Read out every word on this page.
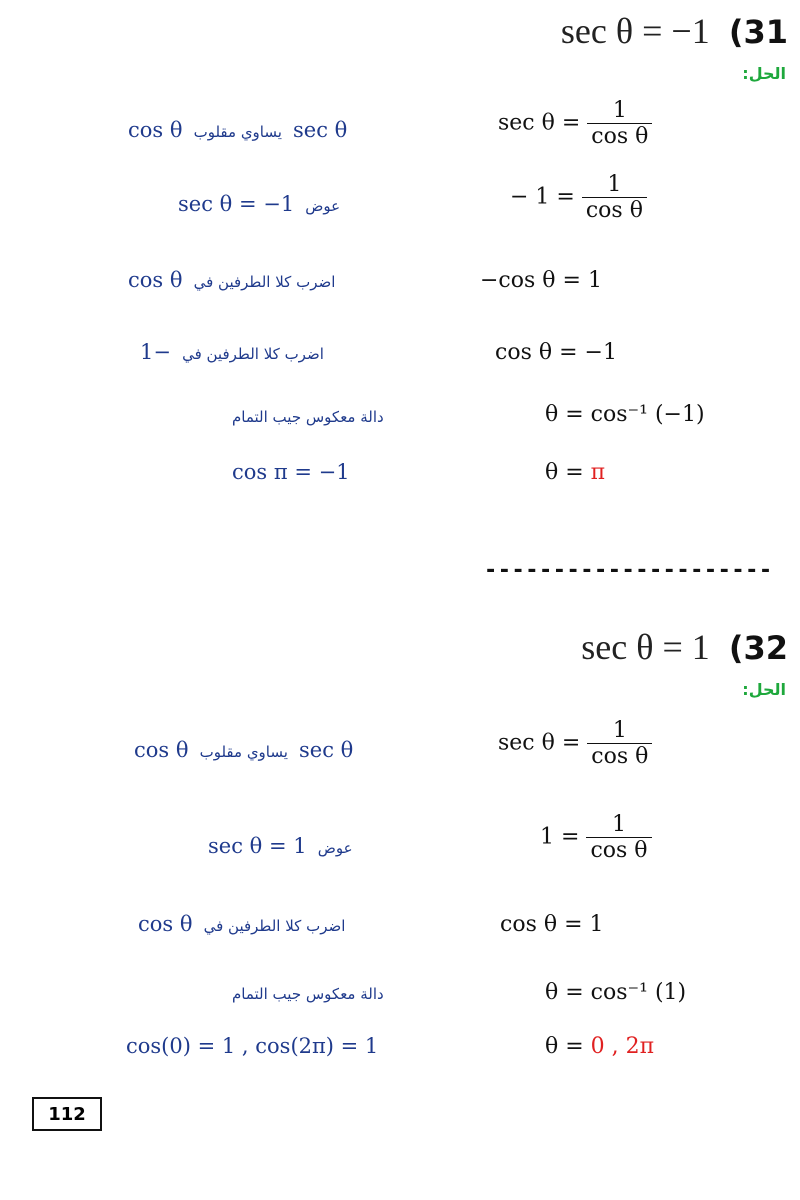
sec θ = −1 (31
الحل:
$\sec \theta = \frac{1}{\text{cos θ}}$
cos θ يساوي مقلوب sec θ
− $1 = \frac{1}{\text{cos θ}}$
sec θ = −1 عوض
−cos θ = 1
cos θ اضرب كلا الطرفين في
cos θ = −1
1− اضرب كلا الطرفين في
θ = cos⁻¹ (−1)
دالة معكوس جيب التمام
θ = π
cos π = −1
---------------------
sec θ = 1 (32
الحل:
$\sec \theta = \frac{1}{\text{cos θ}}$
cos θ يساوي مقلوب sec θ
$1 = \frac{1}{\text{cos θ}}$
sec θ = 1 عوض
cos θ = 1
cos θ اضرب كلا الطرفين في
θ = cos⁻¹ (1)
دالة معكوس جيب التمام
θ = 0 , 2π
cos(0) = 1 , cos(2π) = 1
112
